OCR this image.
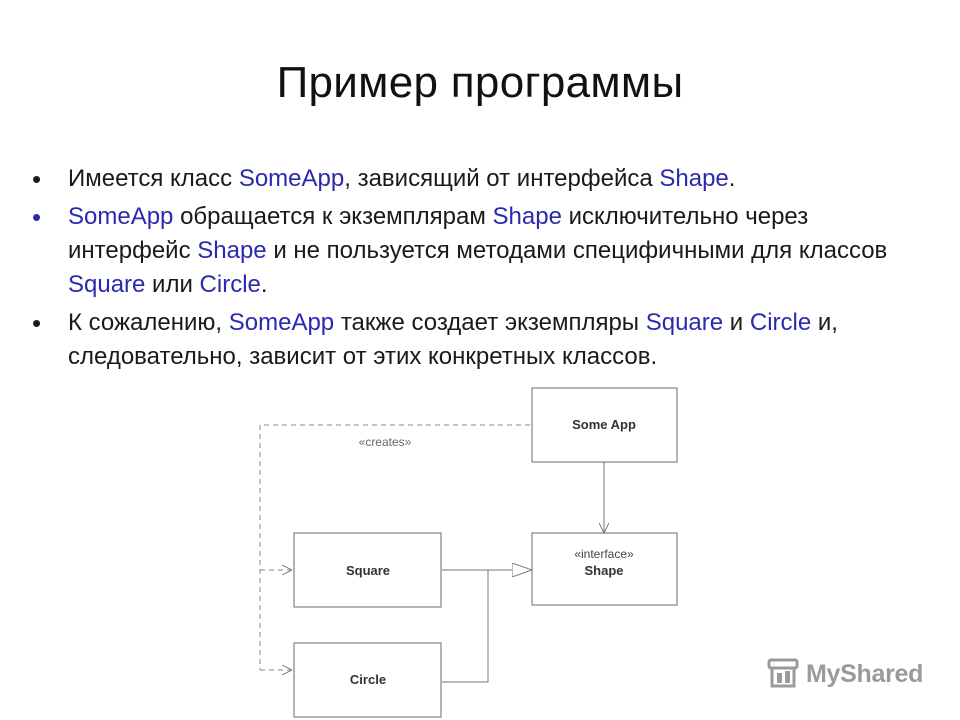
Пример программы
• Имеется класс SomeApp, зависящий от интерфейса Shape.
• SomeApp обращается к экземплярам Shape исключительно через интерфейс Shape и не пользуется методами специфичными для классов Square или Circle.
• К сожалению, SomeApp также создает экземпляры Square и Circle и, следовательно, зависит от этих конкретных классов.
«creates»
Some App
«interface»
Shape
Square
Circle	MyShared
